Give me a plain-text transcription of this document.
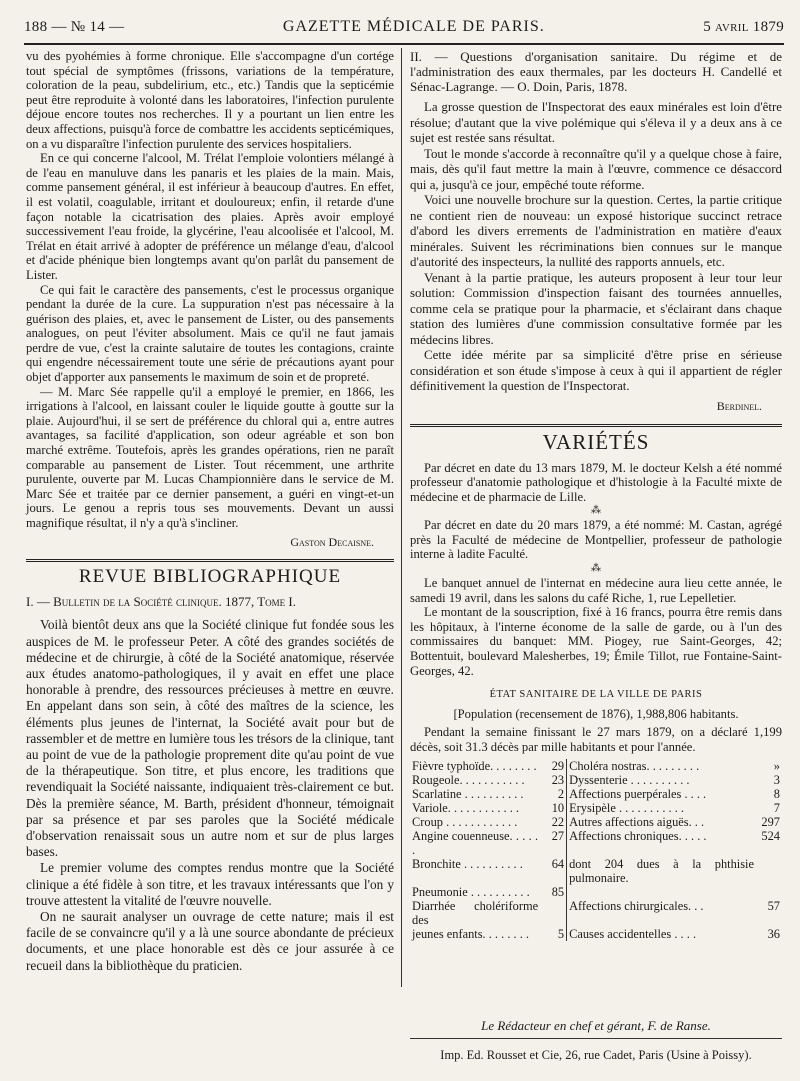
188 — № 14 —	GAZETTE MÉDICALE DE PARIS.	5 avril 1879

vu des pyohémies à forme chronique. Elle s'accompagne d'un cortége tout spécial de symptômes (frissons, variations de la température, coloration de la peau, subdelirium, etc., etc.) Tandis que la septicémie peut être reproduite à volonté dans les laboratoires, l'infection purulente déjoue encore toutes nos recherches. Il y a pourtant un lien entre les deux affections, puisqu'à force de combattre les accidents septicémiques, on a vu disparaître l'infection purulente des services hospitaliers.

En ce qui concerne l'alcool, M. Trélat l'emploie volontiers mélangé à de l'eau en manuluve dans les panaris et les plaies de la main. Mais, comme pansement général, il est inférieur à beaucoup d'autres. En effet, il est volatil, coagulable, irritant et douloureux; enfin, il retarde d'une façon notable la cicatrisation des plaies. Après avoir employé successivement l'eau froide, la glycérine, l'eau alcoolisée et l'alcool, M. Trélat en était arrivé à adopter de préférence un mélange d'eau, d'alcool et d'acide phénique bien longtemps avant qu'on parlât du pansement de Lister.

Ce qui fait le caractère des pansements, c'est le processus organique pendant la durée de la cure. La suppuration n'est pas nécessaire à la guérison des plaies, et, avec le pansement de Lister, ou des pansements analogues, on peut l'éviter absolument. Mais ce qu'il ne faut jamais perdre de vue, c'est la crainte salutaire de toutes les contagions, crainte qui engendre nécessairement toute une série de précautions ayant pour objet d'apporter aux pansements le maximum de soin et de propreté.

— M. Marc Sée rappelle qu'il a employé le premier, en 1866, les irrigations à l'alcool, en laissant couler le liquide goutte à goutte sur la plaie. Aujourd'hui, il se sert de préférence du chloral qui a, entre autres avantages, sa facilité d'application, son odeur agréable et son bon marché extrême. Toutefois, après les grandes opérations, rien ne paraît comparable au pansement de Lister. Tout récemment, une arthrite purulente, ouverte par M. Lucas Championnière dans le service de M. Marc Sée et traitée par ce dernier pansement, a guéri en vingt-et-un jours. Le genou a repris tous ses mouvements. Devant un aussi magnifique résultat, il n'y a qu'à s'incliner.

Gaston Decaisne.
REVUE BIBLIOGRAPHIQUE
I. — Bulletin de la Société clinique. 1877, Tome I.

Voilà bientôt deux ans que la Société clinique fut fondée sous les auspices de M. le professeur Peter. A côté des grandes sociétés de médecine et de chirurgie, à côté de la Société anatomique, réservée aux études anatomo-pathologiques, il y avait en effet une place honorable à prendre, des ressources précieuses à mettre en œuvre. En appelant dans son sein, à côté des maîtres de la science, les éléments plus jeunes de l'internat, la Société avait pour but de rassembler et de mettre en lumière tous les trésors de la clinique, tant au point de vue de la pathologie proprement dite qu'au point de vue de la thérapeutique. Son titre, et plus encore, les traditions que revendiquait la Société naissante, indiquaient très-clairement ce but. Dès la première séance, M. Barth, président d'honneur, témoignait par sa présence et par ses paroles que la Société médicale d'observation renaissait sous un autre nom et sur de plus larges bases.

Le premier volume des comptes rendus montre que la Société clinique a été fidèle à son titre, et les travaux intéressants que l'on y trouve attestent la vitalité de l'œuvre nouvelle.

On ne saurait analyser un ouvrage de cette nature; mais il est facile de se convaincre qu'il y a là une source abondante de précieux documents, et une place honorable est dès ce jour assurée à ce recueil dans la bibliothèque du praticien.

II. — Questions d'organisation sanitaire. Du régime et de l'administration des eaux thermales, par les docteurs H. Candellé et Sénac-Lagrange. — O. Doin, Paris, 1878.

La grosse question de l'Inspectorat des eaux minérales est loin d'être résolue; d'autant que la vive polémique qui s'éleva il y a deux ans à ce sujet est restée sans résultat.

Tout le monde s'accorde à reconnaître qu'il y a quelque chose à faire, mais, dès qu'il faut mettre la main à l'œuvre, commence ce désaccord qui a, jusqu'à ce jour, empêché toute réforme.

Voici une nouvelle brochure sur la question. Certes, la partie critique ne contient rien de nouveau: un exposé historique succinct retrace d'abord les divers errements de l'administration en matière d'eaux minérales. Suivent les récriminations bien connues sur le manque d'autorité des inspecteurs, la nullité des rapports annuels, etc.

Venant à la partie pratique, les auteurs proposent à leur tour leur solution: Commission d'inspection faisant des tournées annuelles, comme cela se pratique pour la pharmacie, et s'éclairant dans chaque station des lumières d'une commission consultative formée par les médecins libres.

Cette idée mérite par sa simplicité d'être prise en sérieuse considération et son étude s'impose à ceux à qui il appartient de régler définitivement la question de l'Inspectorat.

Berdinel.
VARIÉTÉS

Par décret en date du 13 mars 1879, M. le docteur Kelsh a été nommé professeur d'anatomie pathologique et d'histologie à la Faculté mixte de médecine et de pharmacie de Lille.

⁂

Par décret en date du 20 mars 1879, a été nommé: M. Castan, agrégé près la Faculté de médecine de Montpellier, professeur de pathologie interne à ladite Faculté.

⁂

Le banquet annuel de l'internat en médecine aura lieu cette année, le samedi 19 avril, dans les salons du café Riche, 1, rue Lepelletier.

Le montant de la souscription, fixé à 16 francs, pourra être remis dans les hôpitaux, à l'interne économe de la salle de garde, ou à l'un des commissaires du banquet: MM. Piogey, rue Saint-Georges, 42; Bottentuit, boulevard Malesherbes, 19; Émile Tillot, rue Fontaine-Saint-Georges, 42.

ÉTAT SANITAIRE DE LA VILLE DE PARIS

[Population (recensement de 1876), 1,988,806 habitants.

Pendant la semaine finissant le 27 mars 1879, on a déclaré 1,199 décès, soit 31.3 décès par mille habitants et pour l'année.

Fièvre typhoïde. . . . . . . .	29	Choléra nostras. . . . . . . . .	»
Rougeole. . . . . . . . . . .	23	Dyssenterie . . . . . . . . . .	3
Scarlatine . . . . . . . . . .	2	Affections puerpérales . . . .	8
Variole. . . . . . . . . . . .	10	Erysipèle . . . . . . . . . . .	7
Croup . . . . . . . . . . . .	22	Autres affections aiguës. . .	297
Angine couenneuse. . . . . .	27	Affections chroniques. . . . .	524
Bronchite . . . . . . . . . .	64	dont 204 dues à la phthisie pulmonaire.	
Pneumonie . . . . . . . . . .	85		
Diarrhée cholériforme des		Affections chirurgicales. . .	57
jeunes enfants. . . . . . . .	5	Causes accidentelles . . . .	36
Le Rédacteur en chef et gérant, F. de Ranse.
Imp. Ed. Rousset et Cie, 26, rue Cadet, Paris (Usine à Poissy).
